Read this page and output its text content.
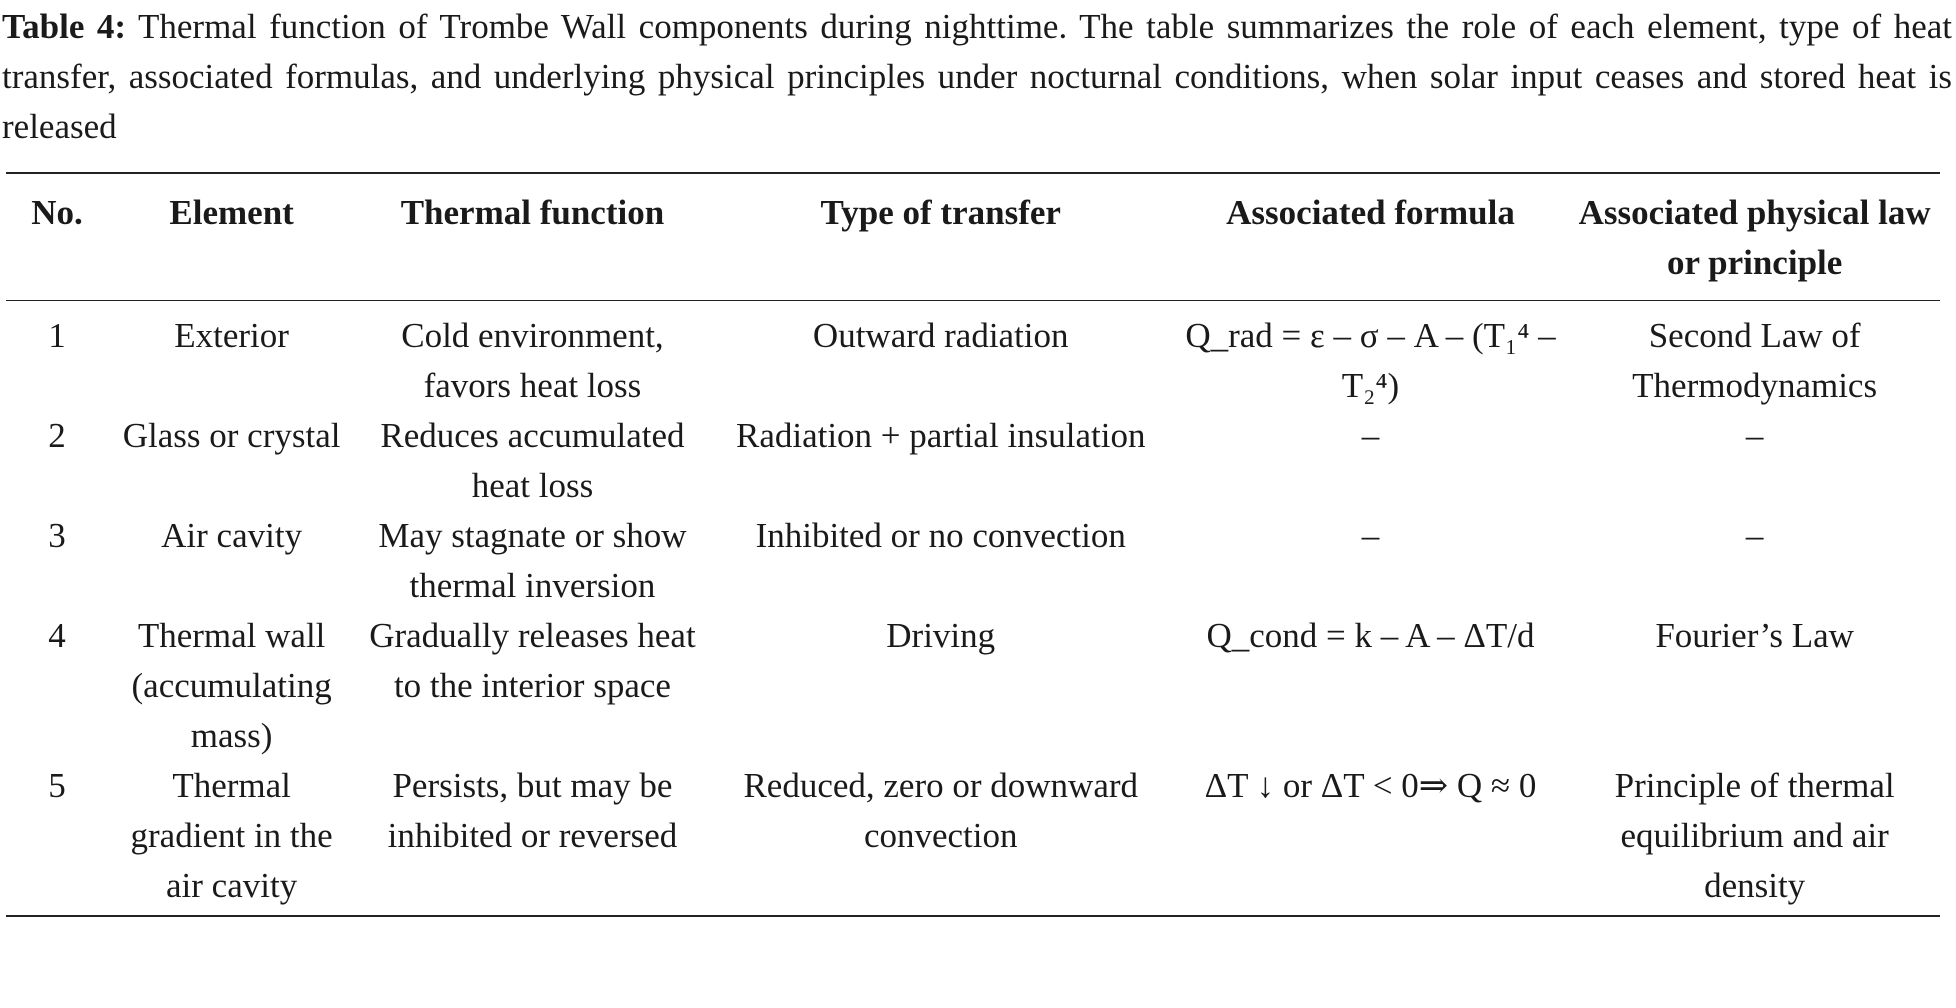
Table 4: Thermal function of Trombe Wall components during nighttime. The table summarizes the role of each element, type of heat transfer, associated formulas, and underlying physical principles under nocturnal conditions, when solar input ceases and stored heat is released
No.	Element	Thermal function	Type of transfer	Associated formula	Associated physical law or principle
1	Exterior	Cold environment, favors heat loss	Outward radiation	Q_rad = ε – σ – A – (T₁⁴ – T₂⁴)	Second Law of Thermodynamics
2	Glass or crystal	Reduces accumulated heat loss	Radiation + partial insulation	–	–
3	Air cavity	May stagnate or show thermal inversion	Inhibited or no convection	–	–
4	Thermal wall (accumulating mass)	Gradually releases heat to the interior space	Driving	Q_cond = k – A – ΔT/d	Fourier’s Law
5	Thermal gradient in the air cavity	Persists, but may be inhibited or reversed	Reduced, zero or downward convection	ΔT ↓ or ΔT < 0⇒ Q ≈ 0	Principle of thermal equilibrium and air density
